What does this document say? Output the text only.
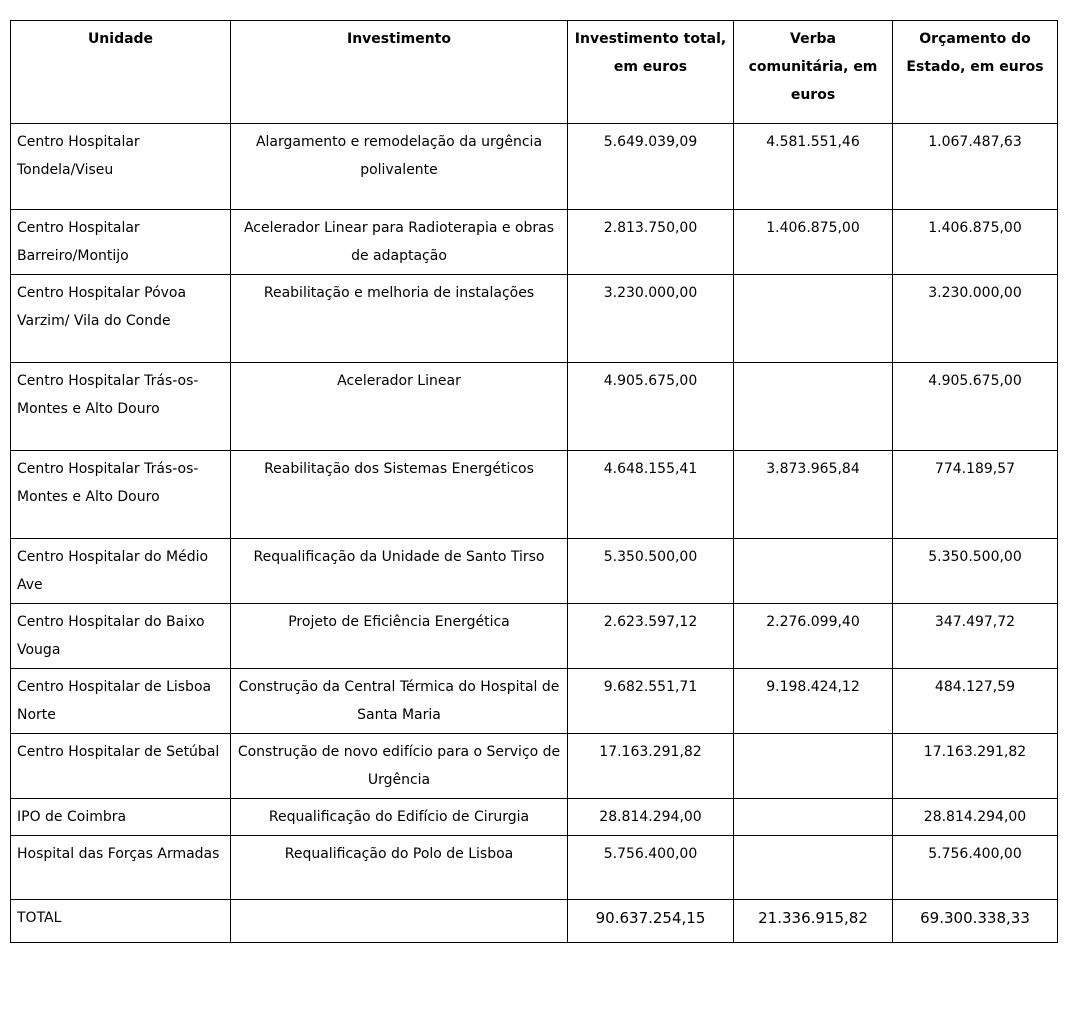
Unidade	Investimento	Investimento total, em euros	Verba comunitária, em euros	Orçamento do Estado, em euros
Centro Hospitalar Tondela/Viseu	Alargamento e remodelação da urgência polivalente	5.649.039,09	4.581.551,46	1.067.487,63
Centro Hospitalar Barreiro/Montijo	Acelerador Linear para Radioterapia e obras de adaptação	2.813.750,00	1.406.875,00	1.406.875,00
Centro Hospitalar Póvoa Varzim/ Vila do Conde	Reabilitação e melhoria de instalações	3.230.000,00		3.230.000,00
Centro Hospitalar Trás-os-Montes e Alto Douro	Acelerador Linear	4.905.675,00		4.905.675,00
Centro Hospitalar Trás-os-Montes e Alto Douro	Reabilitação dos Sistemas Energéticos	4.648.155,41	3.873.965,84	774.189,57
Centro Hospitalar do Médio Ave	Requalificação da Unidade de Santo Tirso	5.350.500,00		5.350.500,00
Centro Hospitalar do Baixo Vouga	Projeto de Eficiência Energética	2.623.597,12	2.276.099,40	347.497,72
Centro Hospitalar de Lisboa Norte	Construção da Central Térmica do Hospital de Santa Maria	9.682.551,71	9.198.424,12	484.127,59
Centro Hospitalar de Setúbal	Construção de novo edifício para o Serviço de Urgência	17.163.291,82		17.163.291,82
IPO de Coimbra	Requalificação do Edifício de Cirurgia	28.814.294,00		28.814.294,00
Hospital das Forças Armadas	Requalificação do Polo de Lisboa	5.756.400,00		5.756.400,00
TOTAL		90.637.254,15	21.336.915,82	69.300.338,33
